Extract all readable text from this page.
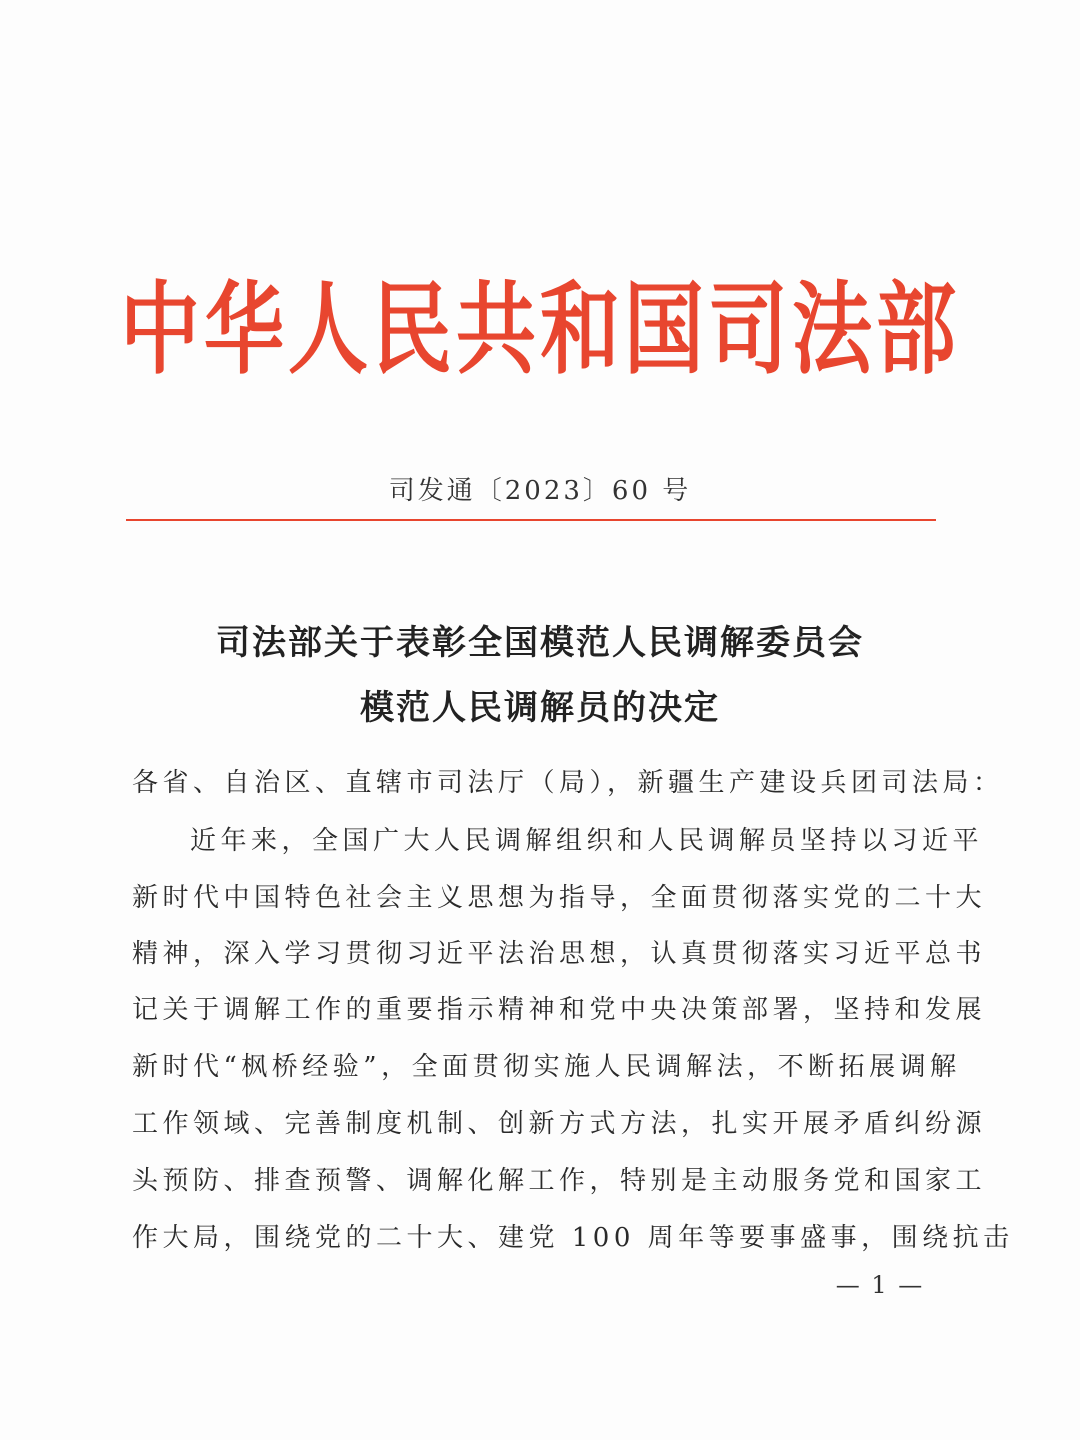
中华人民共和国司法部
司发通〔2023〕60 号
司法部关于表彰全国模范人民调解委员会
模范人民调解员的决定
各省、自治区、直辖市司法厅（局），新疆生产建设兵团司法局：
近年来，全国广大人民调解组织和人民调解员坚持以习近平
新时代中国特色社会主义思想为指导，全面贯彻落实党的二十大
精神，深入学习贯彻习近平法治思想，认真贯彻落实习近平总书
记关于调解工作的重要指示精神和党中央决策部署，坚持和发展
新时代“枫桥经验”，全面贯彻实施人民调解法，不断拓展调解
工作领域、完善制度机制、创新方式方法，扎实开展矛盾纠纷源
头预防、排查预警、调解化解工作，特别是主动服务党和国家工
作大局，围绕党的二十大、建党 100 周年等要事盛事，围绕抗击
— 1 —
